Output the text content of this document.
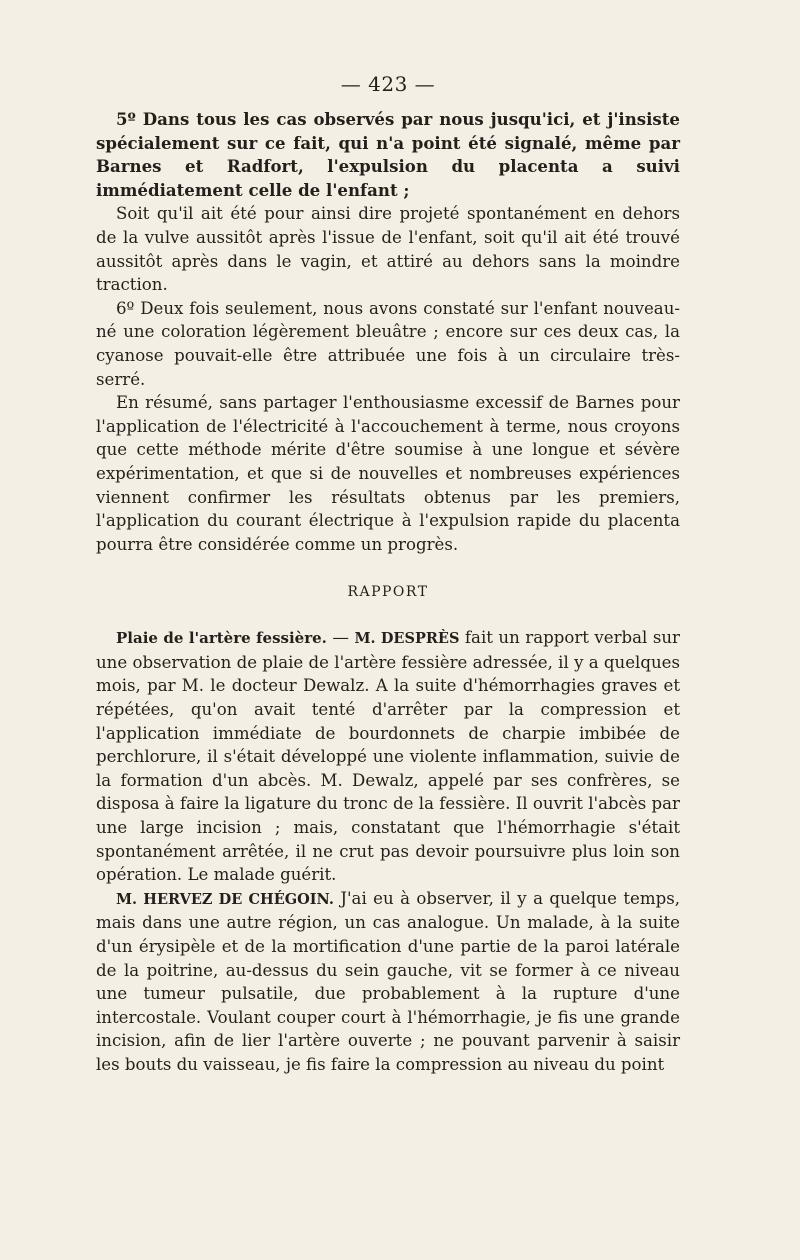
— 423 —

5º Dans tous les cas observés par nous jusqu'ici, et j'insiste spécialement sur ce fait, qui n'a point été signalé, même par Barnes et Radfort, l'expulsion du placenta a suivi immédiatement celle de l'enfant ;

Soit qu'il ait été pour ainsi dire projeté spontanément en dehors de la vulve aussitôt après l'issue de l'enfant, soit qu'il ait été trouvé aussitôt après dans le vagin, et attiré au dehors sans la moindre traction.

6º Deux fois seulement, nous avons constaté sur l'enfant nouveau-né une coloration légèrement bleuâtre ; encore sur ces deux cas, la cyanose pouvait-elle être attribuée une fois à un circulaire très-serré.

En résumé, sans partager l'enthousiasme excessif de Barnes pour l'application de l'électricité à l'accouchement à terme, nous croyons que cette méthode mérite d'être soumise à une longue et sévère expérimentation, et que si de nouvelles et nombreuses expériences viennent confirmer les résultats obtenus par les premiers, l'application du courant électrique à l'expulsion rapide du placenta pourra être considérée comme un progrès.

RAPPORT

Plaie de l'artère fessière. — M. DESPRÈS fait un rapport verbal sur une observation de plaie de l'artère fessière adressée, il y a quelques mois, par M. le docteur Dewalz. A la suite d'hémorrhagies graves et répétées, qu'on avait tenté d'arrêter par la compression et l'application immédiate de bourdonnets de charpie imbibée de perchlorure, il s'était développé une violente inflammation, suivie de la formation d'un abcès. M. Dewalz, appelé par ses confrères, se disposa à faire la ligature du tronc de la fessière. Il ouvrit l'abcès par une large incision ; mais, constatant que l'hémorrhagie s'était spontanément arrêtée, il ne crut pas devoir poursuivre plus loin son opération. Le malade guérit.

M. HERVEZ DE CHÉGOIN. J'ai eu à observer, il y a quelque temps, mais dans une autre région, un cas analogue. Un malade, à la suite d'un érysipèle et de la mortification d'une partie de la paroi latérale de la poitrine, au-dessus du sein gauche, vit se former à ce niveau une tumeur pulsatile, due probablement à la rupture d'une intercostale. Voulant couper court à l'hémorrhagie, je fis une grande incision, afin de lier l'artère ouverte ; ne pouvant parvenir à saisir les bouts du vaisseau, je fis faire la compression au niveau du point
